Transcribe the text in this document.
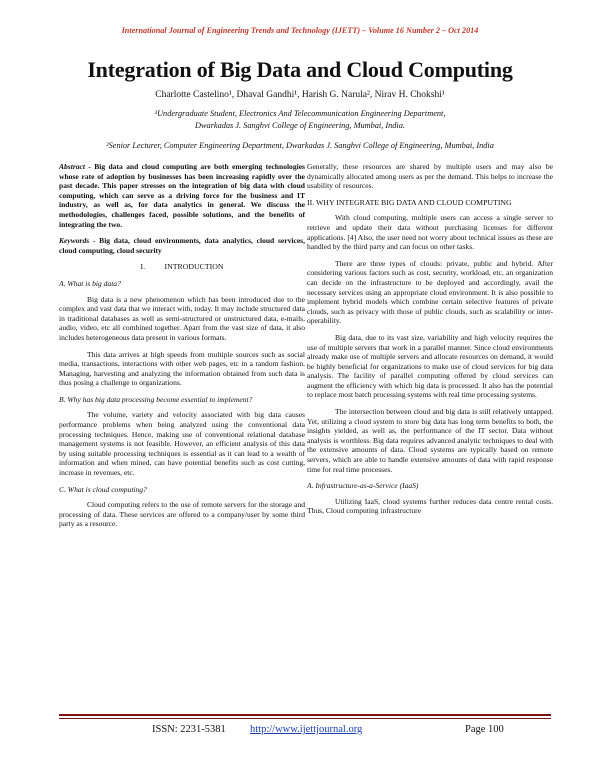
International Journal of Engineering Trends and Technology (IJETT) – Volume 16 Number 2 – Oct 2014
Integration of Big Data and Cloud Computing
Charlotte Castelino¹, Dhaval Gandhi¹, Harish G. Narula², Nirav H. Chokshi¹
¹Undergraduate Student, Electronics And Telecommunication Engineering Department,
Dwarkadas J. Sanghvi College of Engineering, Mumbai, India.
²Senior Lecturer, Computer Engineering Department, Dwarkadas J. Sanghvi College of Engineering, Mumbai, India

Abstract - Big data and cloud computing are both emerging technologies whose rate of adoption by businesses has been increasing rapidly over the past decade. This paper stresses on the integration of big data with cloud computing, which can serve as a driving force for the business and IT industry, as well as, for data analytics in general. We discuss the methodologies, challenges faced, possible solutions, and the benefits of integrating the two.

Keywords - Big data, cloud environments, data analytics, cloud services, cloud computing, cloud security

I.          INTRODUCTION
A. What is big data?

Big data is a new phenomenon which has been introduced due to the complex and vast data that we interact with, today. It may include structured data in traditional databases as well as semi-structured or unstructured data, e-mails, audio, video, etc all combined together. Apart from the vast size of data, it also includes heterogeneous data present in various formats.

This data arrives at high speeds from multiple sources such as social media, transactions, interactions with other web pages, etc in a random fashion. Managing, harvesting and analyzing the information obtained from such data is thus posing a challenge to organizations.

B. Why has big data processing become essential to implement?

The volume, variety and velocity associated with big data causes performance problems when being analyzed using the conventional data processing techniques. Hence, making use of conventional relational database management systems is not feasible. However, an efficient analysis of this data by using suitable processing techniques is essential as it can lead to a wealth of information and when mined, can have potential benefits such as cost cutting, increase in revenues, etc.

C. What is cloud computing?

Cloud computing refers to the use of remote servers for the storage and processing of data. These services are offered to a company/user by some third party as a resource.

Generally, these resources are shared by multiple users and may also be dynamically allocated among users as per the demand. This helps to increase the usability of resources.

II. WHY INTEGRATE BIG DATA AND CLOUD COMPUTING

With cloud computing, multiple users can access a single server to retrieve and update their data without purchasing licenses for different applications. [4] Also, the user need not worry about technical issues as these are handled by the third party and can focus on other tasks.

There are three types of clouds: private, public and hybrid. After considering various factors such as cost, security, workload, etc, an organization can decide on the infrastructure to be deployed and accordingly, avail the necessary services using an appropriate cloud environment. It is also possible to implement hybrid models which combine certain selective features of private clouds, such as privacy with those of public clouds, such as scalability or inter-operability.

Big data, due to its vast size, variability and high velocity requires the use of multiple servers that work in a parallel manner. Since cloud environments already make use of multiple servers and allocate resources on demand, it would be highly beneficial for organizations to make use of cloud services for big data analysis. The facility of parallel computing offered by cloud services can augment the efficiency with which big data is processed. It also has the potential to replace most batch processing systems with real time processing systems.

The intersection between cloud and big data is still relatively untapped. Yet, utilizing a cloud system to store big data has long term benefits to both, the insights yielded, as well as, the performance of the IT sector. Data without analysis is worthless. Big data requires advanced analytic techniques to deal with the extensive amounts of data. Cloud systems are typically based on remote servers, which are able to handle extensive amounts of data with rapid response time for real time processes.

A. Infrastructure-as-a-Service (IaaS)

Utilizing IaaS, cloud systems further reduces data centre rental costs. Thus, Cloud computing infrastructure

ISSN: 2231-5381 http://www.ijettjournal.org	Page 100
